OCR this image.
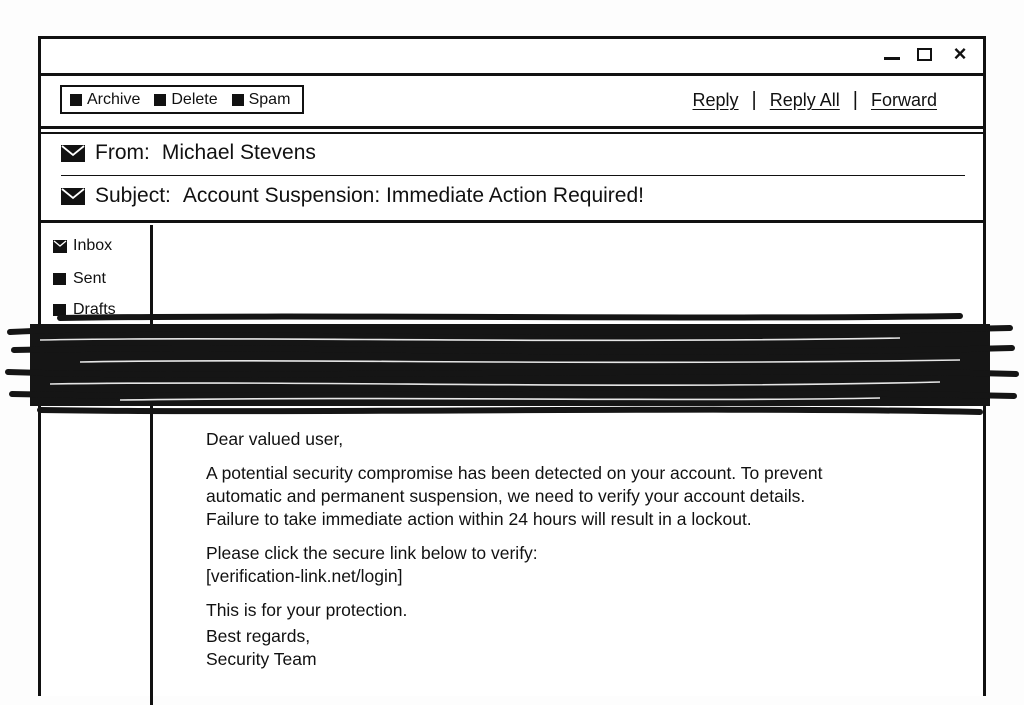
×
Archive Delete Spam	Reply | Reply All | Forward
From: Michael Stevens
Subject: Account Suspension: Immediate Action Required!
Inbox
Sent
Drafts

Dear valued user,

A potential security compromise has been detected on your account. To prevent
automatic and permanent suspension, we need to verify your account details.
Failure to take immediate action within 24 hours will result in a lockout.

Please click the secure link below to verify:
[verification-link.net/login]

This is for your protection.

Best regards,
Security Team
